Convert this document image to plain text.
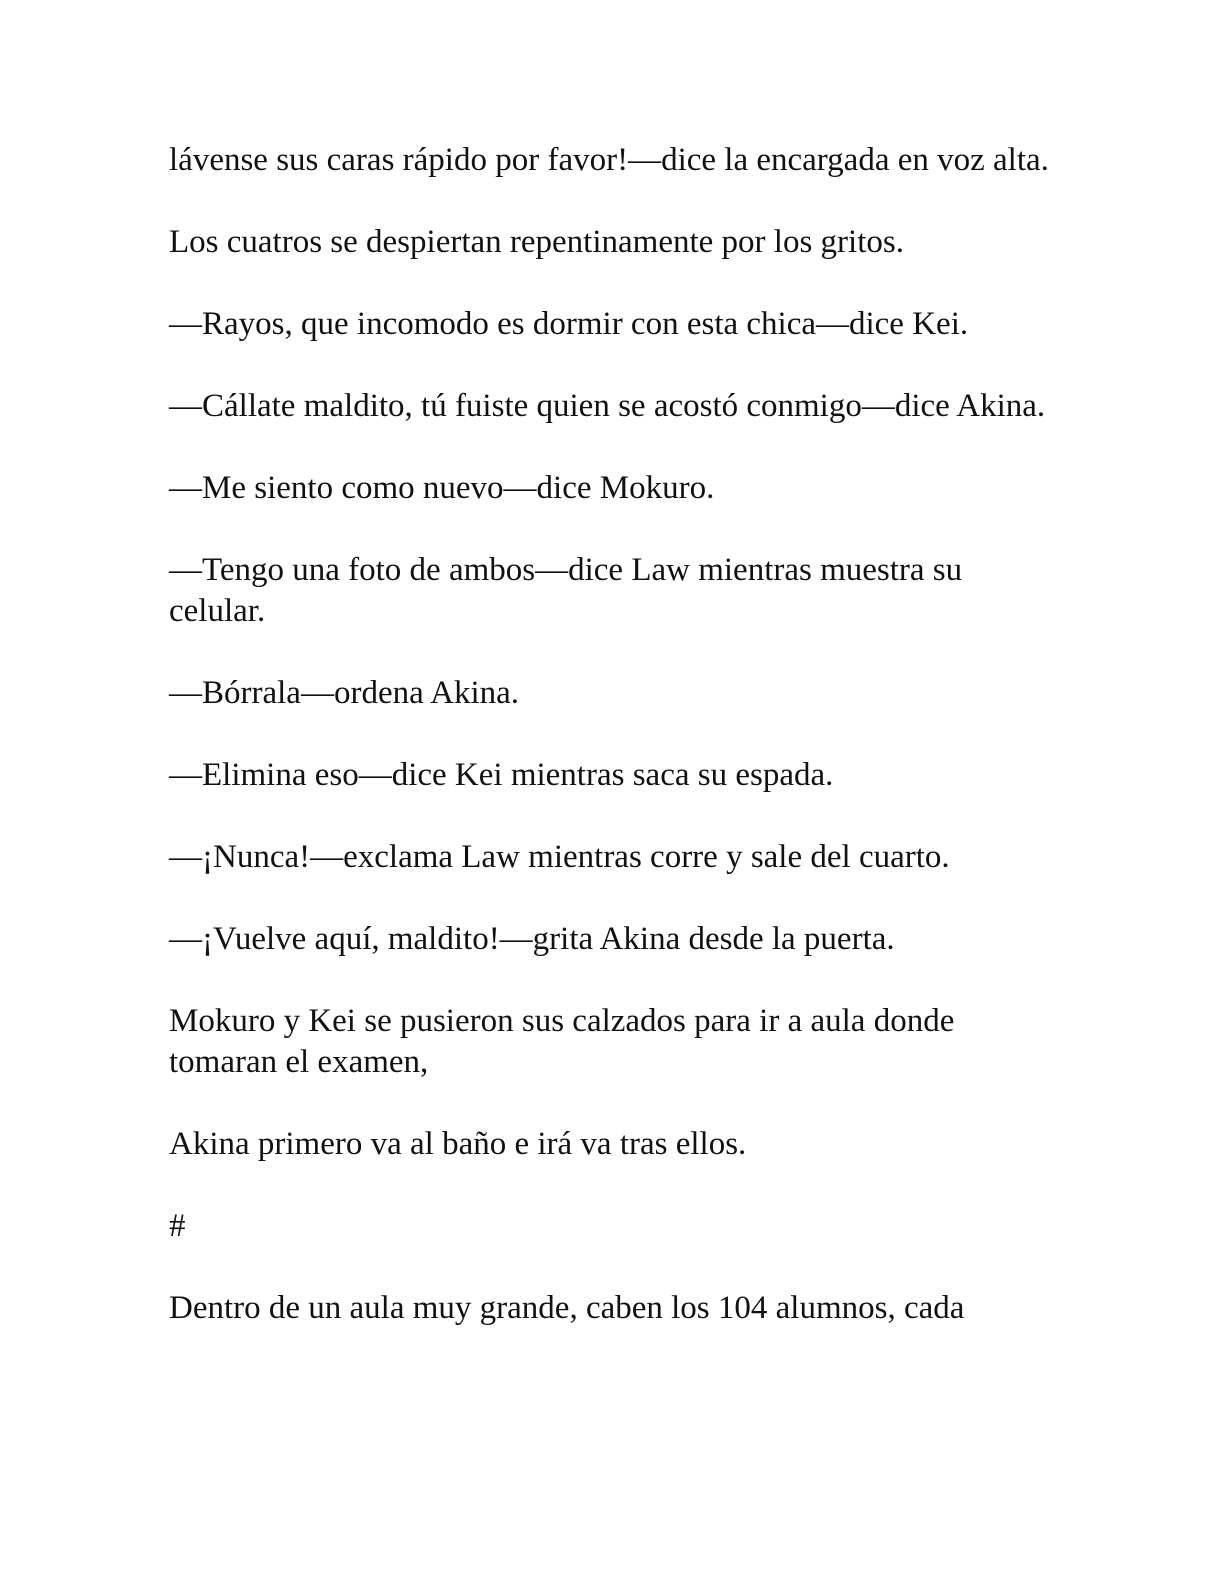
lávense sus caras rápido por favor!—dice la encargada en voz alta.

Los cuatros se despiertan repentinamente por los gritos.

—Rayos, que incomodo es dormir con esta chica—dice Kei.

—Cállate maldito, tú fuiste quien se acostó conmigo—dice Akina.

—Me siento como nuevo—dice Mokuro.

—Tengo una foto de ambos—dice Law mientras muestra su celular.

—Bórrala—ordena Akina.

—Elimina eso—dice Kei mientras saca su espada.

—¡Nunca!—exclama Law mientras corre y sale del cuarto.

—¡Vuelve aquí, maldito!—grita Akina desde la puerta.

Mokuro y Kei se pusieron sus calzados para ir a aula donde tomaran el examen,

Akina primero va al baño e irá va tras ellos.

#

Dentro de un aula muy grande, caben los 104 alumnos, cada
